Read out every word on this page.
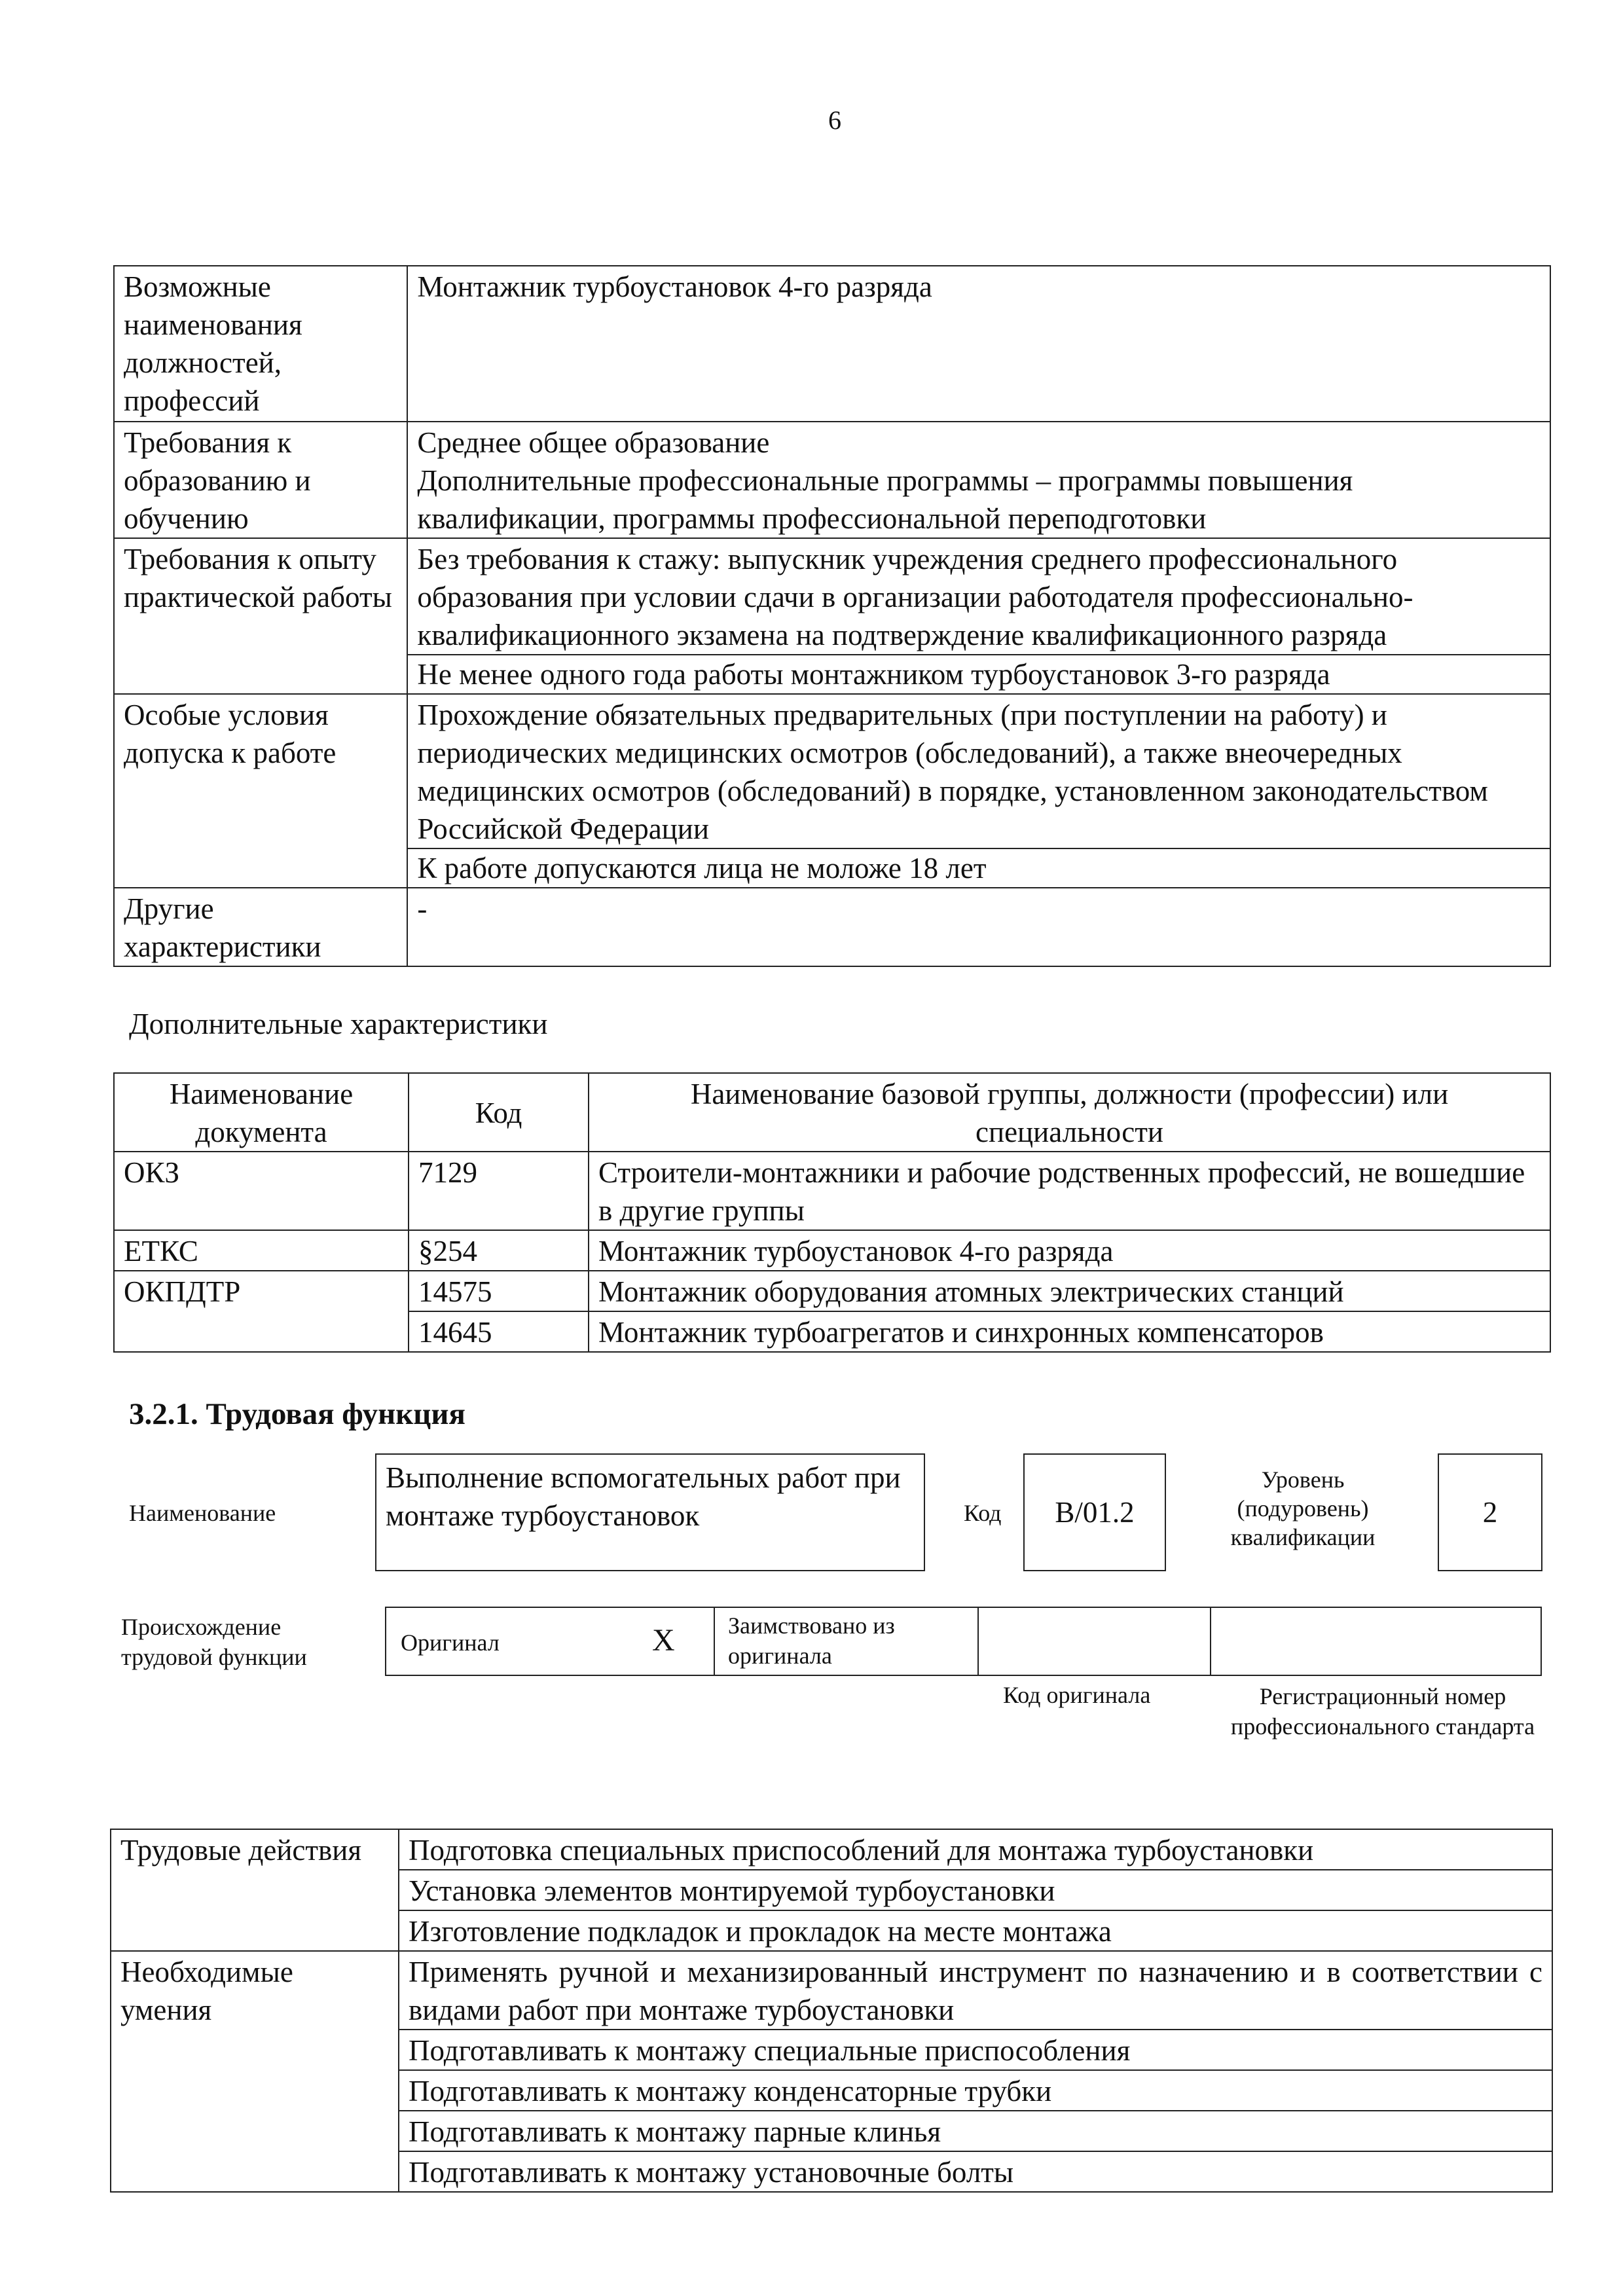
6
Возможные наименования должностей, профессий	Монтажник турбоустановок 4-го разряда

Требования к образованию и обучению	Среднее общее образование
Дополнительные профессиональные программы – программы повышения квалификации, программы профессиональной переподготовки

Требования к опыту практической работы	Без требования к стажу: выпускник учреждения среднего профессионального образования при условии сдачи в организации работодателя профессионально-квалификационного экзамена на подтверждение квалификационного разряда
Не менее одного года работы монтажником турбоустановок 3-го разряда

Особые условия допуска к работе	Прохождение обязательных предварительных (при поступлении на работу) и периодических медицинских осмотров (обследований), а также внеочередных медицинских осмотров (обследований) в порядке, установленном законодательством Российской Федерации
К работе допускаются лица не моложе 18 лет

Другие характеристики	-
Дополнительные характеристики
Наименование документа	Код	Наименование базовой группы, должности (профессии) или специальности
ОКЗ	7129	Строители-монтажники и рабочие родственных профессий, не вошедшие в другие группы
ЕТКС	§254	Монтажник турбоустановок 4-го разряда
ОКПДТР	14575	Монтажник оборудования атомных электрических станций
	14645	Монтажник турбоагрегатов и синхронных компенсаторов
3.2.1. Трудовая функция
Наименование
Выполнение вспомогательных работ при монтаже турбоустановок	Код B/01.2
Уровень (подуровень) квалификации
2
Происхождение трудовой функции
Оригинал	X Заимствовано из оригинала
Код оригинала	Регистрационный номер профессионального стандарта
Трудовые действия	Подготовка специальных приспособлений для монтажа турбоустановки
	Установка элементов монтируемой турбоустановки
	Изготовление подкладок и прокладок на месте монтажа
Необходимые умения	Применять ручной и механизированный инструмент по назначению и в соответствии с видами работ при монтаже турбоустановки
	Подготавливать к монтажу специальные приспособления
	Подготавливать к монтажу конденсаторные трубки
	Подготавливать к монтажу парные клинья
	Подготавливать к монтажу установочные болты
